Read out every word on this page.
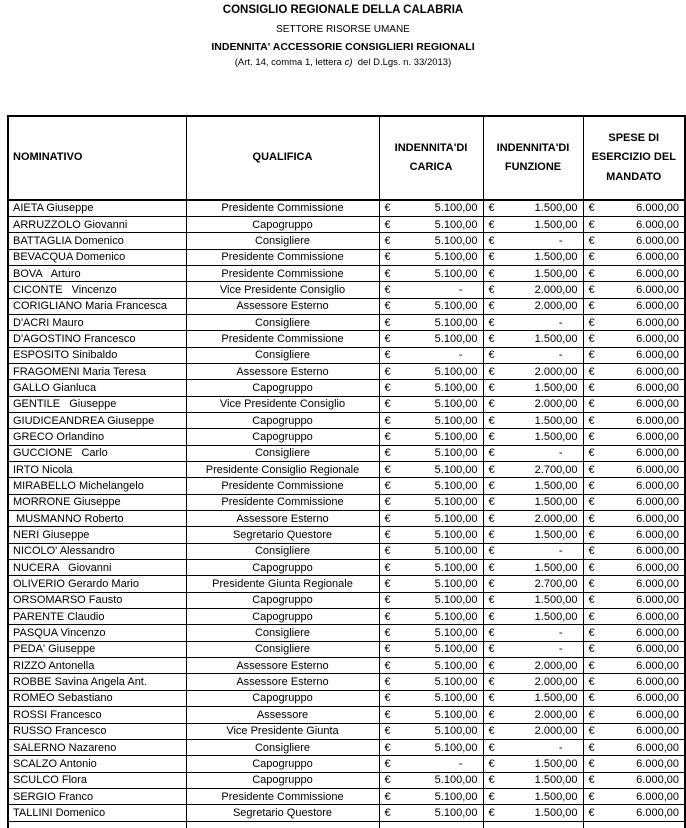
CONSIGLIO REGIONALE DELLA CALABRIA
SETTORE RISORSE UMANE
INDENNITA' ACCESSORIE CONSIGLIERI REGIONALI
(Art. 14, comma 1, lettera c)  del D.Lgs. n. 33/2013)
NOMINATIVO	QUALIFICA	INDENNITA'DI CARICA	INDENNITA'DI FUNZIONE	SPESE DI ESERCIZIO DEL MANDATO
AIETA Giuseppe	Presidente Commissione	€ 5.100,00	€ 1.500,00	€ 6.000,00

ARRUZZOLO Giovanni	Capogruppo	€ 5.100,00	€ 1.500,00	€ 6.000,00

BATTAGLIA Domenico	Consigliere	€ 5.100,00	€ -	€ 6.000,00

BEVACQUA Domenico	Presidente Commissione	€ 5.100,00	€ 1.500,00	€ 6.000,00

BOVA   Arturo	Presidente Commissione	€ 5.100,00	€ 1.500,00	€ 6.000,00

CICONTE   Vincenzo	Vice Presidente Consiglio	€ -	€ 2.000,00	€ 6.000,00

CORIGLIANO Maria Francesca	Assessore Esterno	€ 5.100,00	€ 2.000,00	€ 6.000,00

D'ACRI Mauro	Consigliere	€ 5.100,00	€ -	€ 6.000,00

D'AGOSTINO Francesco	Presidente Commissione	€ 5.100,00	€ 1.500,00	€ 6.000,00

ESPOSITO Sinibaldo	Consigliere	€ -	€ -	€ 6.000,00

FRAGOMENI Maria Teresa	Assessore Esterno	€ 5.100,00	€ 2.000,00	€ 6.000,00

GALLO Gianluca	Capogruppo	€ 5.100,00	€ 1.500,00	€ 6.000,00

GENTILE   Giuseppe	Vice Presidente Consiglio	€ 5.100,00	€ 2.000,00	€ 6.000,00

GIUDICEANDREA Giuseppe	Capogruppo	€ 5.100,00	€ 1.500,00	€ 6.000,00

GRECO Orlandino	Capogruppo	€ 5.100,00	€ 1.500,00	€ 6.000,00

GUCCIONE   Carlo	Consigliere	€ 5.100,00	€ -	€ 6.000,00

IRTO Nicola	Presidente Consiglio Regionale	€ 5.100,00	€ 2.700,00	€ 6.000,00

MIRABELLO Michelangelo	Presidente Commissione	€ 5.100,00	€ 1.500,00	€ 6.000,00

MORRONE Giuseppe	Presidente Commissione	€ 5.100,00	€ 1.500,00	€ 6.000,00

MUSMANNO Roberto	Assessore Esterno	€ 5.100,00	€ 2.000,00	€ 6.000,00

NERI Giuseppe	Segretario Questore	€ 5.100,00	€ 1.500,00	€ 6.000,00

NICOLO' Alessandro	Consigliere	€ 5.100,00	€ -	€ 6.000,00

NUCERA   Giovanni	Capogruppo	€ 5.100,00	€ 1.500,00	€ 6.000,00

OLIVERIO Gerardo Mario	Presidente Giunta Regionale	€ 5.100,00	€ 2.700,00	€ 6.000,00

ORSOMARSO Fausto	Capogruppo	€ 5.100,00	€ 1.500,00	€ 6.000,00

PARENTE Claudio	Capogruppo	€ 5.100,00	€ 1.500,00	€ 6.000,00

PASQUA Vincenzo	Consigliere	€ 5.100,00	€ -	€ 6.000,00

PEDA' Giuseppe	Consigliere	€ 5.100,00	€ -	€ 6.000,00

RIZZO Antonella	Assessore Esterno	€ 5.100,00	€ 2.000,00	€ 6.000,00

ROBBE Savina Angela Ant.	Assessore Esterno	€ 5.100,00	€ 2.000,00	€ 6.000,00

ROMEO Sebastiano	Capogruppo	€ 5.100,00	€ 1.500,00	€ 6.000,00

ROSSI Francesco	Assessore	€ 5.100,00	€ 2.000,00	€ 6.000,00

RUSSO Francesco	Vice Presidente Giunta	€ 5.100,00	€ 2.000,00	€ 6.000,00

SALERNO Nazareno	Consigliere	€ 5.100,00	€ -	€ 6.000,00

SCALZO Antonio	Capogruppo	€ -	€ 1.500,00	€ 6.000,00

SCULCO Flora	Capogruppo	€ 5.100,00	€ 1.500,00	€ 6.000,00

SERGIO Franco	Presidente Commissione	€ 5.100,00	€ 1.500,00	€ 6.000,00

TALLINI Domenico	Segretario Questore	€ 5.100,00	€ 1.500,00	€ 6.000,00
